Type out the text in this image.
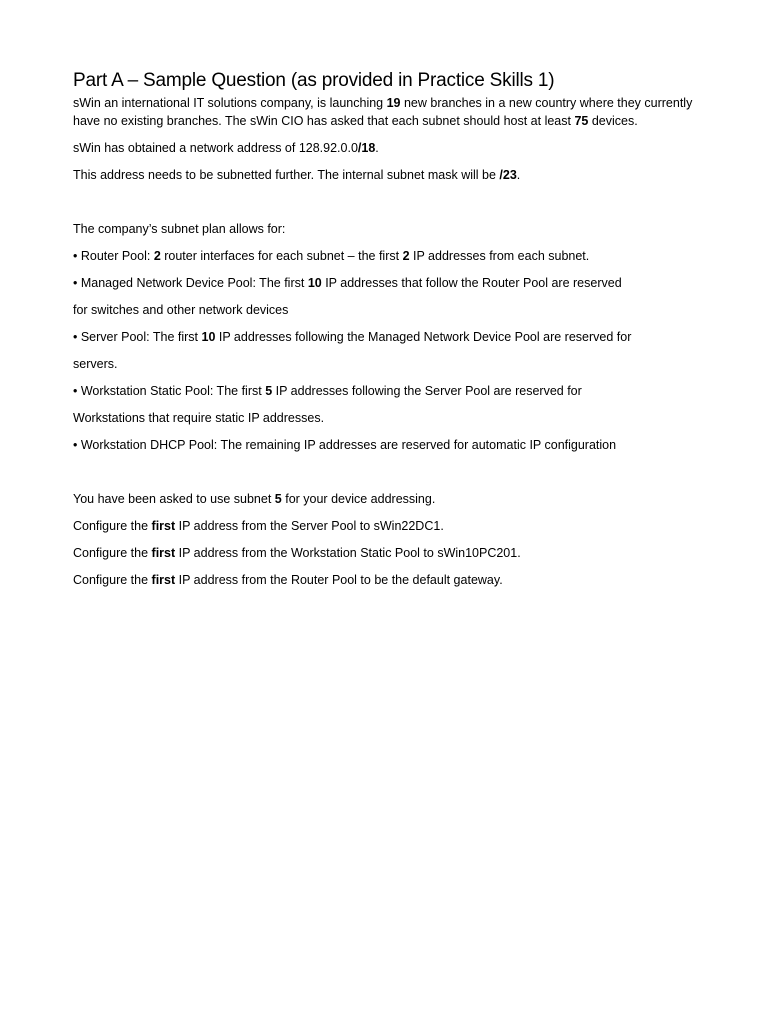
Part A – Sample Question (as provided in Practice Skills 1)

sWin an international IT solutions company, is launching 19 new branches in a new country where they currently have no existing branches. The sWin CIO has asked that each subnet should host at least 75 devices.

sWin has obtained a network address of 128.92.0.0/18.

This address needs to be subnetted further. The internal subnet mask will be /23.

The company’s subnet plan allows for:

• Router Pool: 2 router interfaces for each subnet – the first 2 IP addresses from each subnet.

• Managed Network Device Pool: The first 10 IP addresses that follow the Router Pool are reserved

for switches and other network devices

• Server Pool: The first 10 IP addresses following the Managed Network Device Pool are reserved for

servers.

• Workstation Static Pool: The first 5 IP addresses following the Server Pool are reserved for

Workstations that require static IP addresses.

• Workstation DHCP Pool: The remaining IP addresses are reserved for automatic IP configuration

You have been asked to use subnet 5 for your device addressing.

Configure the first IP address from the Server Pool to sWin22DC1.

Configure the first IP address from the Workstation Static Pool to sWin10PC201.

Configure the first IP address from the Router Pool to be the default gateway.
